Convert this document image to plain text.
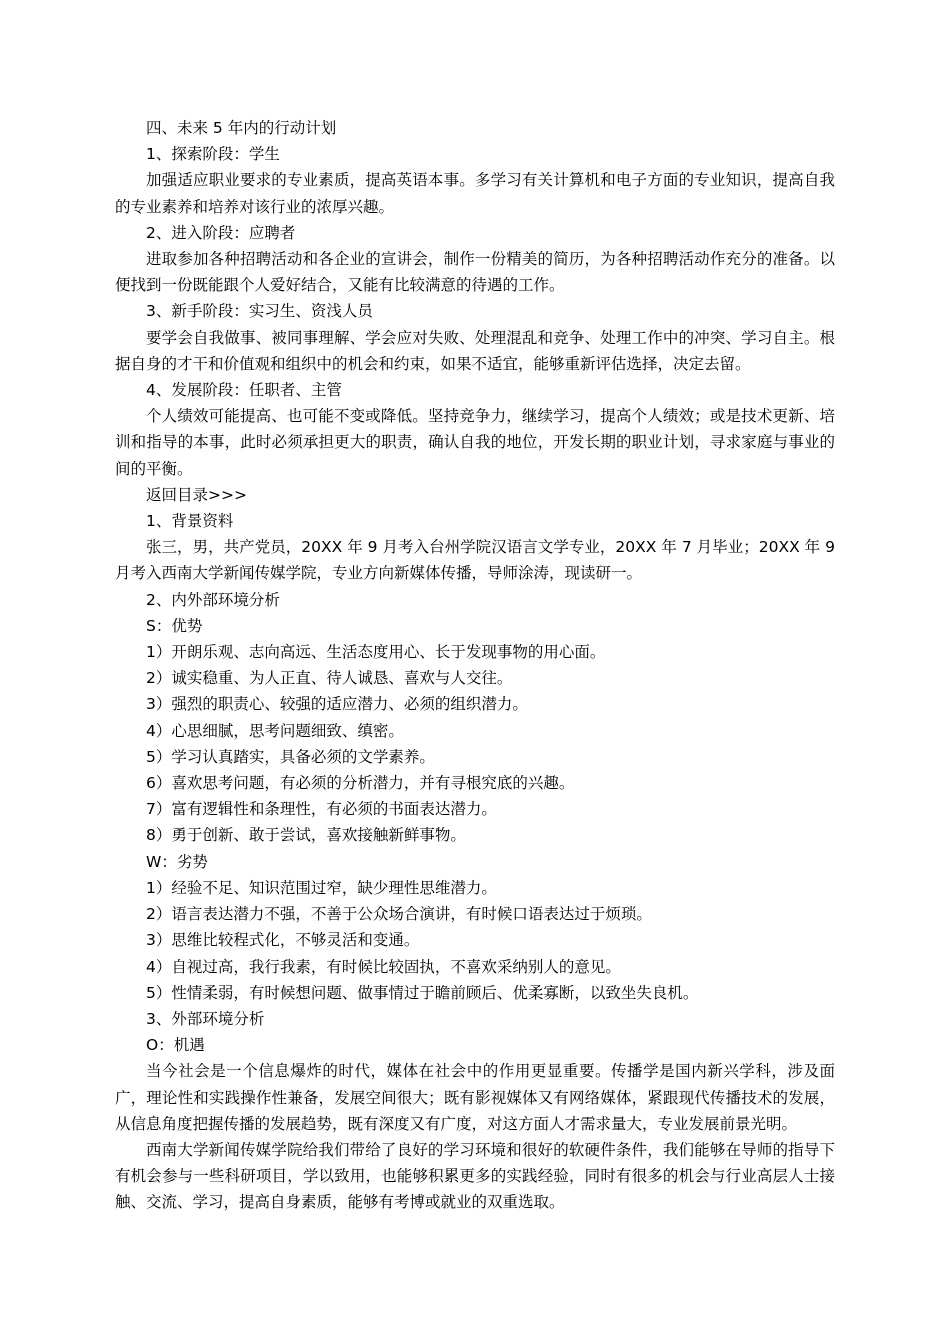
四、未来 5 年内的行动计划

1、探索阶段：学生

加强适应职业要求的专业素质，提高英语本事。多学习有关计算机和电子方面的专业知识，提高自我的专业素养和培养对该行业的浓厚兴趣。

2、进入阶段：应聘者

进取参加各种招聘活动和各企业的宣讲会，制作一份精美的简历，为各种招聘活动作充分的准备。以便找到一份既能跟个人爱好结合，又能有比较满意的待遇的工作。

3、新手阶段：实习生、资浅人员

要学会自我做事、被同事理解、学会应对失败、处理混乱和竞争、处理工作中的冲突、学习自主。根据自身的才干和价值观和组织中的机会和约束，如果不适宜，能够重新评估选择，决定去留。

4、发展阶段：任职者、主管

个人绩效可能提高、也可能不变或降低。坚持竞争力，继续学习，提高个人绩效；或是技术更新、培训和指导的本事，此时必须承担更大的职责，确认自我的地位，开发长期的职业计划，寻求家庭与事业的间的平衡。

返回目录>>>

1、背景资料

张三，男，共产党员，20XX 年 9 月考入台州学院汉语言文学专业，20XX 年 7 月毕业；20XX 年 9 月考入西南大学新闻传媒学院，专业方向新媒体传播，导师涂涛，现读研一。

2、内外部环境分析

S：优势

1）开朗乐观、志向高远、生活态度用心、长于发现事物的用心面。

2）诚实稳重、为人正直、待人诚恳、喜欢与人交往。

3）强烈的职责心、较强的适应潜力、必须的组织潜力。

4）心思细腻，思考问题细致、缜密。

5）学习认真踏实，具备必须的文学素养。

6）喜欢思考问题，有必须的分析潜力，并有寻根究底的兴趣。

7）富有逻辑性和条理性，有必须的书面表达潜力。

8）勇于创新、敢于尝试，喜欢接触新鲜事物。

W：劣势

1）经验不足、知识范围过窄，缺少理性思维潜力。

2）语言表达潜力不强，不善于公众场合演讲，有时候口语表达过于烦琐。

3）思维比较程式化，不够灵活和变通。

4）自视过高，我行我素，有时候比较固执，不喜欢采纳别人的意见。

5）性情柔弱，有时候想问题、做事情过于瞻前顾后、优柔寡断，以致坐失良机。

3、外部环境分析

O：机遇

当今社会是一个信息爆炸的时代，媒体在社会中的作用更显重要。传播学是国内新兴学科，涉及面广，理论性和实践操作性兼备，发展空间很大；既有影视媒体又有网络媒体，紧跟现代传播技术的发展，从信息角度把握传播的发展趋势，既有深度又有广度，对这方面人才需求量大，专业发展前景光明。

西南大学新闻传媒学院给我们带给了良好的学习环境和很好的软硬件条件，我们能够在导师的指导下有机会参与一些科研项目，学以致用，也能够积累更多的实践经验，同时有很多的机会与行业高层人士接触、交流、学习，提高自身素质，能够有考博或就业的双重选取。
